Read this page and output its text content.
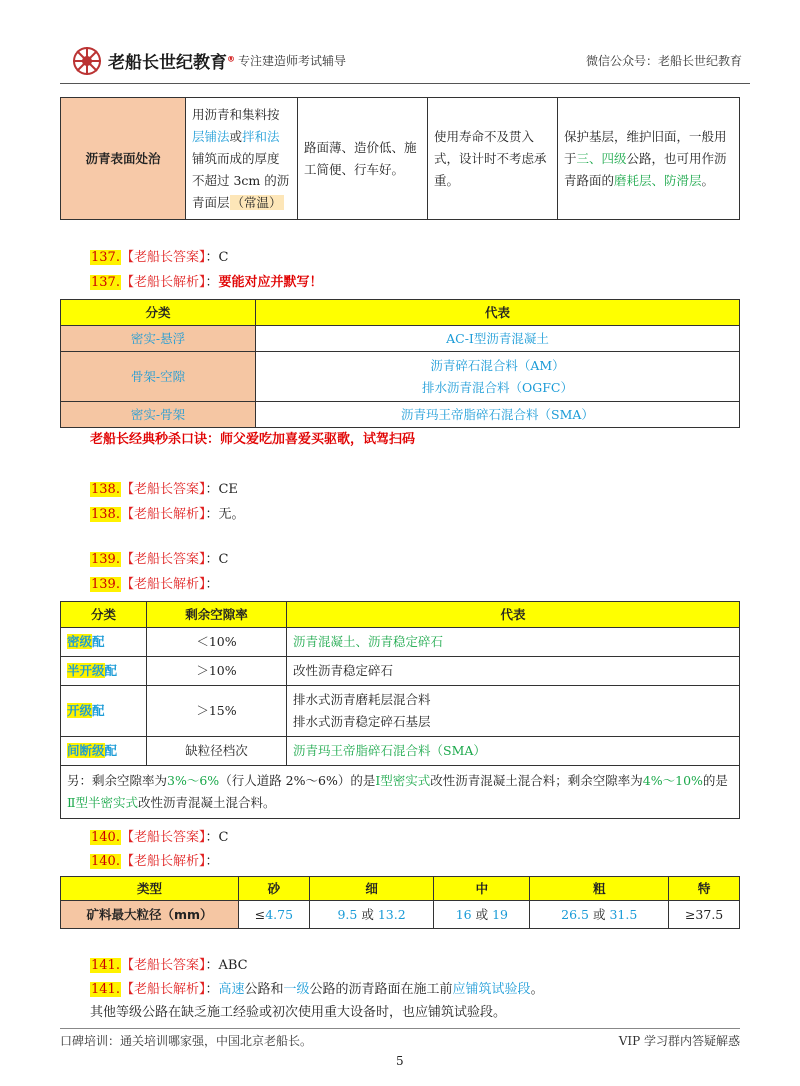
老船长世纪教育® 专注建造师考试辅导	微信公众号：老船长世纪教育
沥青表面处治	用沥青和集料按层铺法或拌和法铺筑而成的厚度不超过 3cm 的沥青面层 （常温）	路面薄、造价低、施工简便、行车好。	使用寿命不及贯入式，设计时不考虑承重。	保护基层，维护旧面，一般用于三、四级公路，也可用作沥青路面的磨耗层、防滑层。
137.【老船长答案】：C
137.【老船长解析】：要能对应并默写！
分类	代表
密实-悬浮	AC-Ⅰ型沥青混凝土
骨架-空隙	沥青碎石混合料（AM）
排水沥青混合料（OGFC）

密实-骨架	沥青玛王帝脂碎石混合料（SMA）
老船长经典秒杀口诀：师父爱吃加喜爱买驱歌，试驾扫码
138.【老船长答案】：CE
138.【老船长解析】：无。
139.【老船长答案】：C
139.【老船长解析】：
分类	剩余空隙率	代表
密级配	＜10%	沥青混凝土、沥青稳定碎石
半开级配	＞10%	改性沥青稳定碎石
开级配	＞15%	排水式沥青磨耗层混合料
排水式沥青稳定碎石基层

间断级配	缺粒径档次	沥青玛王帝脂碎石混合料（SMA）
另：剩余空隙率为3%～6%（行人道路 2%～6%）的是Ⅰ型密实式改性沥青混凝土混合料；剩余空隙率为4%～10%的是Ⅱ型半密实式改性沥青混凝土混合料。		
140.【老船长答案】：C
140.【老船长解析】：
类型	砂	细	中	粗	特
矿料最大粒径（mm）	≤4.75	9.5 或 13.2	16 或 19	26.5 或 31.5	≥37.5
141.【老船长答案】：ABC
141.【老船长解析】：高速公路和一级公路的沥青路面在施工前应铺筑试验段。
其他等级公路在缺乏施工经验或初次使用重大设备时，也应铺筑试验段。
口碑培训：通关培训哪家强，中国北京老船长。	VIP 学习群内答疑解惑
5
